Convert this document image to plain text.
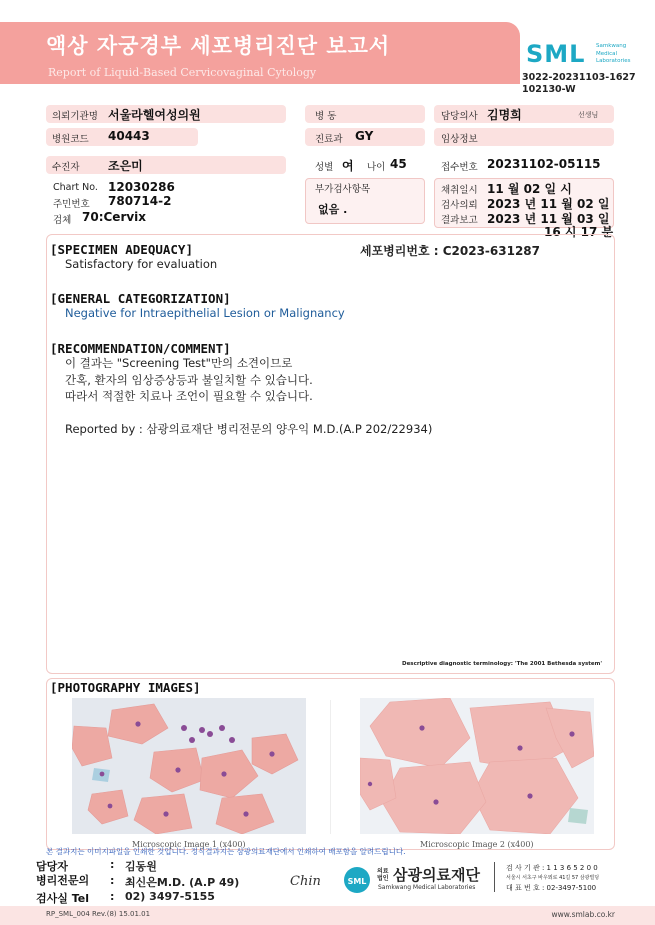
액상 자궁경부 세포병리진단 보고서
Report of Liquid-Based Cervicovaginal Cytology
SML Samkwang
Medical
Laboratories
3022-20231103-1627
102130-W
의뢰기관명 서울라헬여성의원	병 동	담당의사 김명희	선생님
병원코드 40443	진료과 GY	임상정보
수진자 조은미	성별 여 나이 45	접수번호 20231102-05115
Chart No. 12030286
주민번호 780714-2
검체 70:Cervix
부가검사항목
없음 .
채취일시 11 월 02 일 시
검사의뢰 2023 년 11 월 02 일
결과보고 2023 년 11 월 03 일
16 시 17 분
[SPECIMEN ADEQUACY]
Satisfactory for evaluation
세포병리번호 : C2023-631287
[GENERAL CATEGORIZATION]
Negative for Intraepithelial Lesion or Malignancy
[RECOMMENDATION/COMMENT]
이 결과는 "Screening Test"만의 소견이므로
간혹, 환자의 임상증상등과 불일치할 수 있습니다.
따라서 적절한 치료나 조언이 필요할 수 있습니다.
Reported by : 삼광의료재단 병리전문의 양우익 M.D.(A.P 202/22934)
Descriptive diagnostic terminology: 'The 2001 Bethesda system'
[PHOTOGRAPHY IMAGES]
Microscopic Image 1 (x400)	Microscopic Image 2 (x400)
본 결과지는 이미지파일을 인쇄한 것입니다. 정식결과지는 삼광의료재단에서 인쇄하여 배포함을 알려드립니다.
담당자	: 김동원
병리전문의 : 최신은M.D. (A.P 49)
검사실 Tel : 02) 3497-5155
Chin	SML
의료
법인 삼광의료재단
Samkwang Medical Laboratories
검 사 기 관 : 1 1 3 6 5 2 0 0
서울시 서초구 바우뫼로 41길 57 삼광빌딩
대 표 번 호 : 02-3497-5100
RP_SML_004 Rev.(8) 15.01.01	www.smlab.co.kr
